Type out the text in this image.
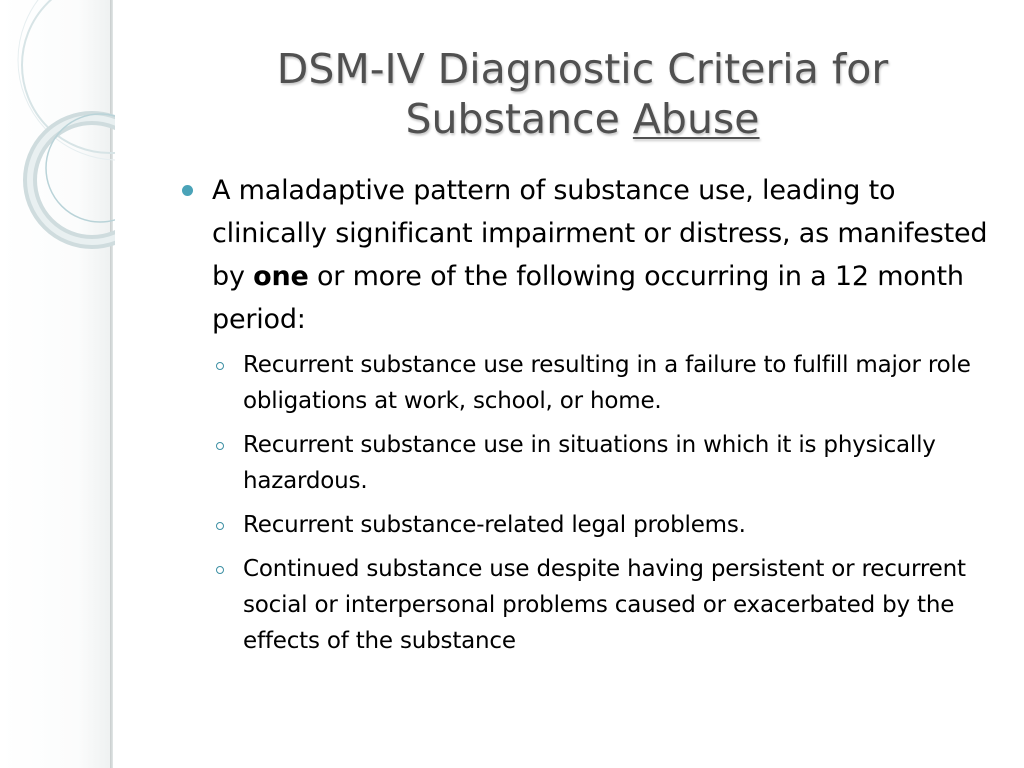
DSM-IV Diagnostic Criteria for
Substance Abuse
A maladaptive pattern of substance use, leading to clinically significant impairment or distress, as manifested by one or more of the following occurring in a 12 month period:
Recurrent substance use resulting in a failure to fulfill major role obligations at work, school, or home.
Recurrent substance use in situations in which it is physically hazardous.
Recurrent substance-related legal problems.
Continued substance use despite having persistent or recurrent social or interpersonal problems caused or exacerbated by the effects of the substance
